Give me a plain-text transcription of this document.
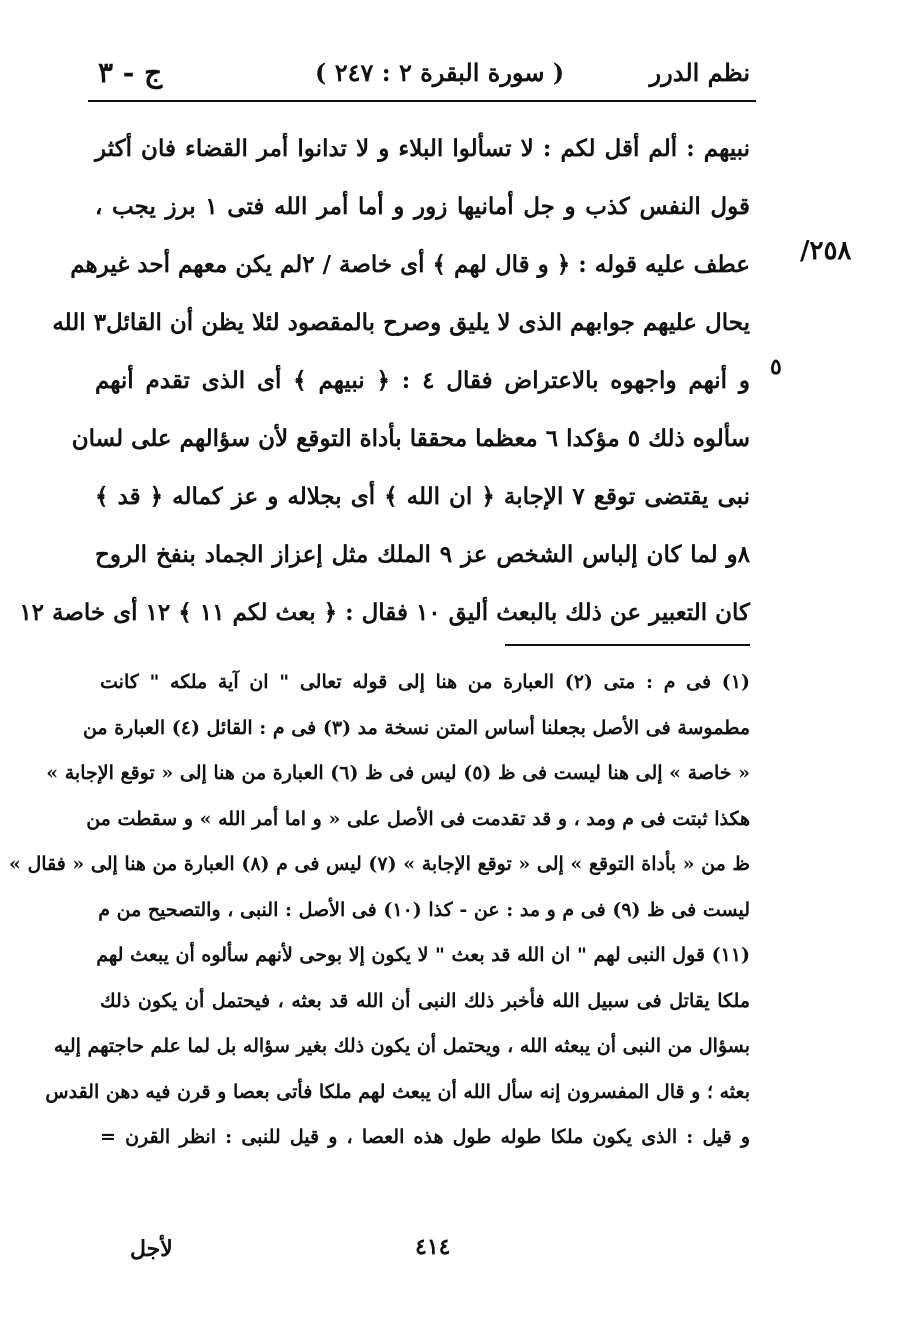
ج - ٣	( سورة البقرة ٢ : ٢٤٧ )	نظم الدرر
٢٥٨/
٥
نبيهم : ألم أقل لكم : لا تسألوا البلاء و لا تدانوا أمر القضاء فان أكثر
قول النفس كذب و جل أمانيها زور و أما أمر الله فتى ١ برز يجب ،
عطف عليه قوله : ﴿ و قال لهم ﴾ أى خاصة / ٢لم يكن معهم أحد غيرهم
يحال عليهم جوابهم الذى لا يليق وصرح بالمقصود لئلا يظن أن القائل٣ الله
و أنهم واجهوه بالاعتراض فقال ٤ : ﴿ نبيهم ﴾ أى الذى تقدم أنهم
سألوه ذلك ٥ مؤكدا ٦ معظما محققا بأداة التوقع لأن سؤالهم على لسان
نبى يقتضى توقع ٧ الإجابة ﴿ ان الله ﴾ أى بجلاله و عز كماله ﴿ قد ﴾
٨و لما كان إلباس الشخص عز ٩ الملك مثل إعزاز الجماد بنفخ الروح
كان التعبير عن ذلك بالبعث أليق ١٠ فقال : ﴿ بعث لكم ١١ ﴾ ١٢ أى خاصة ١٢
(١) فى م : متى (٢) العبارة من هنا إلى قوله تعالى " ان آية ملكه " كانت
مطموسة فى الأصل بجعلنا أساس المتن نسخة مد (٣) فى م : القائل (٤) العبارة من
« خاصة » إلى هنا ليست فى ظ (٥) ليس فى ظ (٦) العبارة من هنا إلى « توقع الإجابة »
هكذا ثبتت فى م ومد ، و قد تقدمت فى الأصل على « و اما أمر الله » و سقطت من
ظ من « بأداة التوقع » إلى « توقع الإجابة » (٧) ليس فى م (٨) العبارة من هنا إلى « فقال »
ليست فى ظ (٩) فى م و مد : عن - كذا (١٠) فى الأصل : النبى ، والتصحيح من م
(١١) قول النبى لهم " ان الله قد بعث " لا يكون إلا بوحى لأنهم سألوه أن يبعث لهم
ملكا يقاتل فى سبيل الله فأخبر ذلك النبى أن الله قد بعثه ، فيحتمل أن يكون ذلك
بسؤال من النبى أن يبعثه الله ، ويحتمل أن يكون ذلك بغير سؤاله بل لما علم حاجتهم إليه
بعثه ؛ و قال المفسرون إنه سأل الله أن يبعث لهم ملكا فأتى بعصا و قرن فيه دهن القدس
و قيل : الذى يكون ملكا طوله طول هذه العصا ، و قيل للنبى : انظر القرن =
٤١٤
لأجل
